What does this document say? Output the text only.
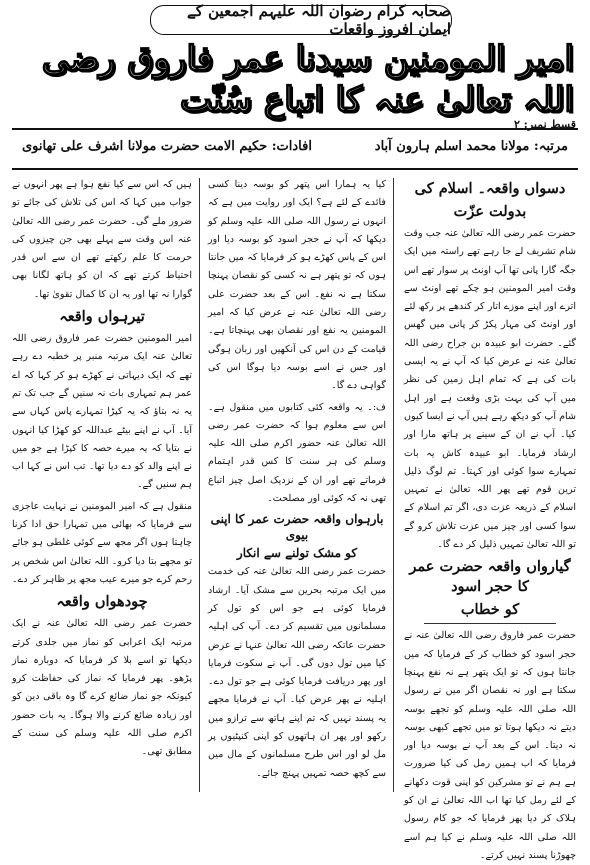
صحابہ کرام رضوان اللہ علیہم اجمعین کے ایمان افروز واقعات
امیر المومنین سیدنا عمر فاروق رضی اللہ تعالیٰ عنہ کا اتباع سُنّت
قسط نمبر: ۲
مرتبہ: مولانا محمد اسلم ہارون آباد
افادات: حکیم الامت حضرت مولانا اشرف علی تھانوی
دسواں واقعہ۔ اسلام کی
بدولت عزّت

حضرت عمر رضی اللہ تعالیٰ عنہ جب وقت شام تشریف لے جا رہے تھے راستہ میں ایک جگہ گارا پانی تھا آپ اونٹ پر سوار تھے اس وقت امیر المومنین ہو چکے تھے اونٹ سے اترے اور اپنے موزے اتار کر کندھے پر رکھ لئے اور اونٹ کی مہار پکڑ کر پانی میں گھس گئے۔ حضرت ابو عبیدہ بن جراح رضی اللہ تعالیٰ عنہ نے عرض کیا کہ آپ نے یہ ایسی بات کی ہے کہ تمام اہل زمین کی نظر میں آپ کی بہت بڑی وقعت ہے اور اہل شام آپ کو دیکھ رہے ہیں آپ نے ایسا کیوں کیا۔ آپ نے ان کے سینے پر ہاتھ مارا اور ارشاد فرمایا۔ ابو عبیدہ کاش یہ بات تمہارے سوا کوئی اور کہتا۔ تم لوگ ذلیل ترین قوم تھے پھر اللہ تعالیٰ نے تمہیں اسلام کے ذریعہ عزت دی، اگر تم اسلام کے سوا کسی اور چیز میں عزت تلاش کرو گے تو اللہ تعالیٰ تمہیں ذلیل کر دے گا۔

گیارواں واقعہ حضرت عمر کا حجر اسود
کو خطاب

حضرت عمر فاروق رضی اللہ تعالیٰ عنہ نے حجر اسود کو خطاب کر کے فرمایا کہ میں جانتا ہوں کہ تو ایک پتھر ہے نہ نفع پہنچا سکتا ہے اور نہ نقصان اگر میں نے رسول اللہ صلی اللہ علیہ وسلم کو تجھے بوسہ دیتے نہ دیکھا ہوتا تو میں تجھے کبھی بوسہ نہ دیتا۔ اس کے بعد آپ نے بوسہ دیا اور فرمایا کہ اب ہمیں رمل کی کیا ضرورت ہے ہم نے تو مشرکین کو اپنی قوت دکھانے کے لئے رمل کیا تھا اب اللہ تعالیٰ نے ان کو ہلاک کر دیا پھر فرمایا کہ جو کام رسول اللہ صلی اللہ علیہ وسلم نے کیا ہم اسے چھوڑنا پسند نہیں کرتے۔

کیا یہ ہمارا اس پتھر کو بوسہ دینا کسی فائدے کے لئے ہے؟ ایک اور روایت میں ہے کہ انہوں نے رسول اللہ صلی اللہ علیہ وسلم کو دیکھا کہ آپ نے حجر اسود کو بوسہ دیا اور اس کے پاس کھڑے ہو کر فرمایا کہ میں جانتا ہوں کہ تو پتھر ہے نہ کسی کو نقصان پہنچا سکتا ہے نہ نفع۔ اس کے بعد حضرت علی رضی اللہ تعالیٰ عنہ نے عرض کیا کہ امیر المومنین یہ نفع اور نقصان بھی پہنچاتا ہے۔ قیامت کے دن اس کی آنکھیں اور زبان ہوگی اور جس نے اسے بوسہ دیا ہوگا اس کی گواہی دے گا۔

ف:۔ یہ واقعہ کئی کتابوں میں منقول ہے۔ اس سے معلوم ہوا کہ حضرت عمر رضی اللہ تعالیٰ عنہ حضور اکرم صلی اللہ علیہ وسلم کی ہر سنت کا کس قدر اہتمام فرماتے تھے اور ان کے نزدیک اصل چیز اتباع تھی نہ کہ کوئی اور مصلحت۔

بارہواں واقعہ حضرت عمر کا اپنی بیوی
کو مشک تولنے سے انکار

حضرت عمر رضی اللہ تعالیٰ عنہ کی خدمت میں ایک مرتبہ بحرین سے مشک آیا۔ ارشاد فرمایا کوئی ہے جو اس کو تول کر مسلمانوں میں تقسیم کر دے۔ آپ کی اہلیہ حضرت عاتکہ رضی اللہ تعالیٰ عنہا نے عرض کیا میں تول دوں گی۔ آپ نے سکوت فرمایا اور پھر دریافت فرمایا کوئی ہے جو تول دے۔ اہلیہ نے پھر عرض کیا۔ آپ نے فرمایا مجھے یہ پسند نہیں کہ تم اپنے ہاتھ سے ترازو میں رکھو اور پھر ان ہاتھوں کو اپنی کنپٹیوں پر مل لو اور اس طرح مسلمانوں کے مال میں سے کچھ حصہ تمہیں پہنچ جائے۔

ہیں کہ اس سے کیا نفع ہوا ہے پھر انہوں نے جواب میں کہا کہ اس کی تلاش کی جائے تو ضرور ملے گی۔ حضرت عمر رضی اللہ تعالیٰ عنہ اس وقت سے پہلے بھی جن چیزوں کی حرمت کا علم رکھتے تھے ان سے اس قدر احتیاط کرتے تھے کہ ان کو ہاتھ لگانا بھی گوارا نہ تھا اور یہ ان کا کمال تقویٰ تھا۔

تیرہواں واقعہ

امیر المومنین حضرت عمر فاروق رضی اللہ تعالیٰ عنہ ایک مرتبہ منبر پر خطبہ دے رہے تھے کہ ایک دیہاتی نے کھڑے ہو کر کہا کہ اے عمر ہم تمہاری بات نہ سنیں گے جب تک تم یہ نہ بتاؤ کہ یہ کپڑا تمہارے پاس کہاں سے آیا۔ آپ نے اپنے بیٹے عبداللہ کو کھڑا کیا انہوں نے بتایا کہ یہ میرے حصہ کا کپڑا ہے جو میں نے اپنے والد کو دے دیا تھا۔ تب اس نے کہا اب ہم سنیں گے۔

منقول ہے کہ امیر المومنین نے نہایت عاجزی سے فرمایا کہ بھائی میں تمہارا حق ادا کرنا چاہتا ہوں اگر مجھ سے کوئی غلطی ہو جائے تو مجھے بتا دیا کرو۔ اللہ تعالیٰ اس شخص پر رحم کرے جو میرے عیب مجھ پر ظاہر کر دے۔

چودھواں واقعہ

حضرت عمر رضی اللہ تعالیٰ عنہ نے ایک مرتبہ ایک اعرابی کو نماز میں جلدی کرتے دیکھا تو اسے بلا کر فرمایا کہ دوبارہ نماز پڑھو۔ پھر فرمایا کہ نماز کی حفاظت کرو کیونکہ جو نماز ضائع کرے گا وہ باقی دین کو اور زیادہ ضائع کرنے والا ہوگا۔ یہ بات حضور اکرم صلی اللہ علیہ وسلم کی سنت کے مطابق تھی۔
